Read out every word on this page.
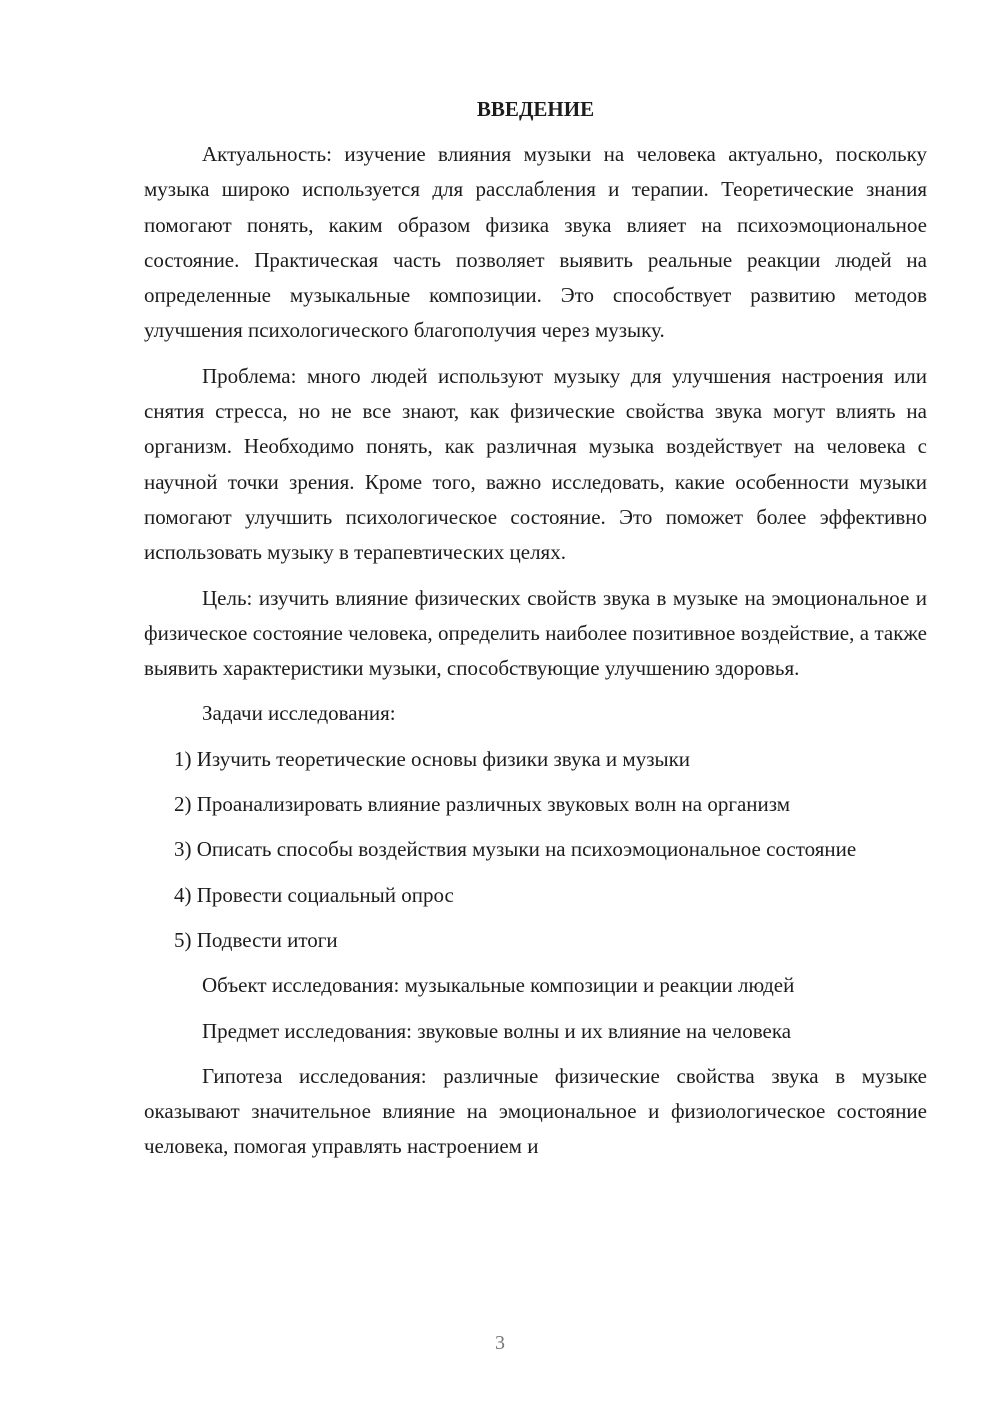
ВВЕДЕНИЕ

Актуальность: изучение влияния музыки на человека актуально, поскольку музыка широко используется для расслабления и терапии. Теоретические знания помогают понять, каким образом физика звука влияет на психоэмоциональное состояние. Практическая часть позволяет выявить реальные реакции людей на определенные музыкальные композиции. Это способствует развитию методов улучшения психологического благополучия через музыку.

Проблема: много людей используют музыку для улучшения настроения или снятия стресса, но не все знают, как физические свойства звука могут влиять на организм. Необходимо понять, как различная музыка воздействует на человека с научной точки зрения. Кроме того, важно исследовать, какие особенности музыки помогают улучшить психологическое состояние. Это поможет более эффективно использовать музыку в терапевтических целях.

Цель: изучить влияние физических свойств звука в музыке на эмоциональное и физическое состояние человека, определить наиболее позитивное воздействие, а также выявить характеристики музыки, способствующие улучшению здоровья.

Задачи исследования:

1) Изучить теоретические основы физики звука и музыки

2) Проанализировать влияние различных звуковых волн на организм

3) Описать способы воздействия музыки на психоэмоциональное состояние

4) Провести социальный опрос

5) Подвести итоги

Объект исследования: музыкальные композиции и реакции людей

Предмет исследования: звуковые волны и их влияние на человека

Гипотеза исследования: различные физические свойства звука в музыке оказывают значительное влияние на эмоциональное и физиологическое состояние человека, помогая управлять настроением и

3
